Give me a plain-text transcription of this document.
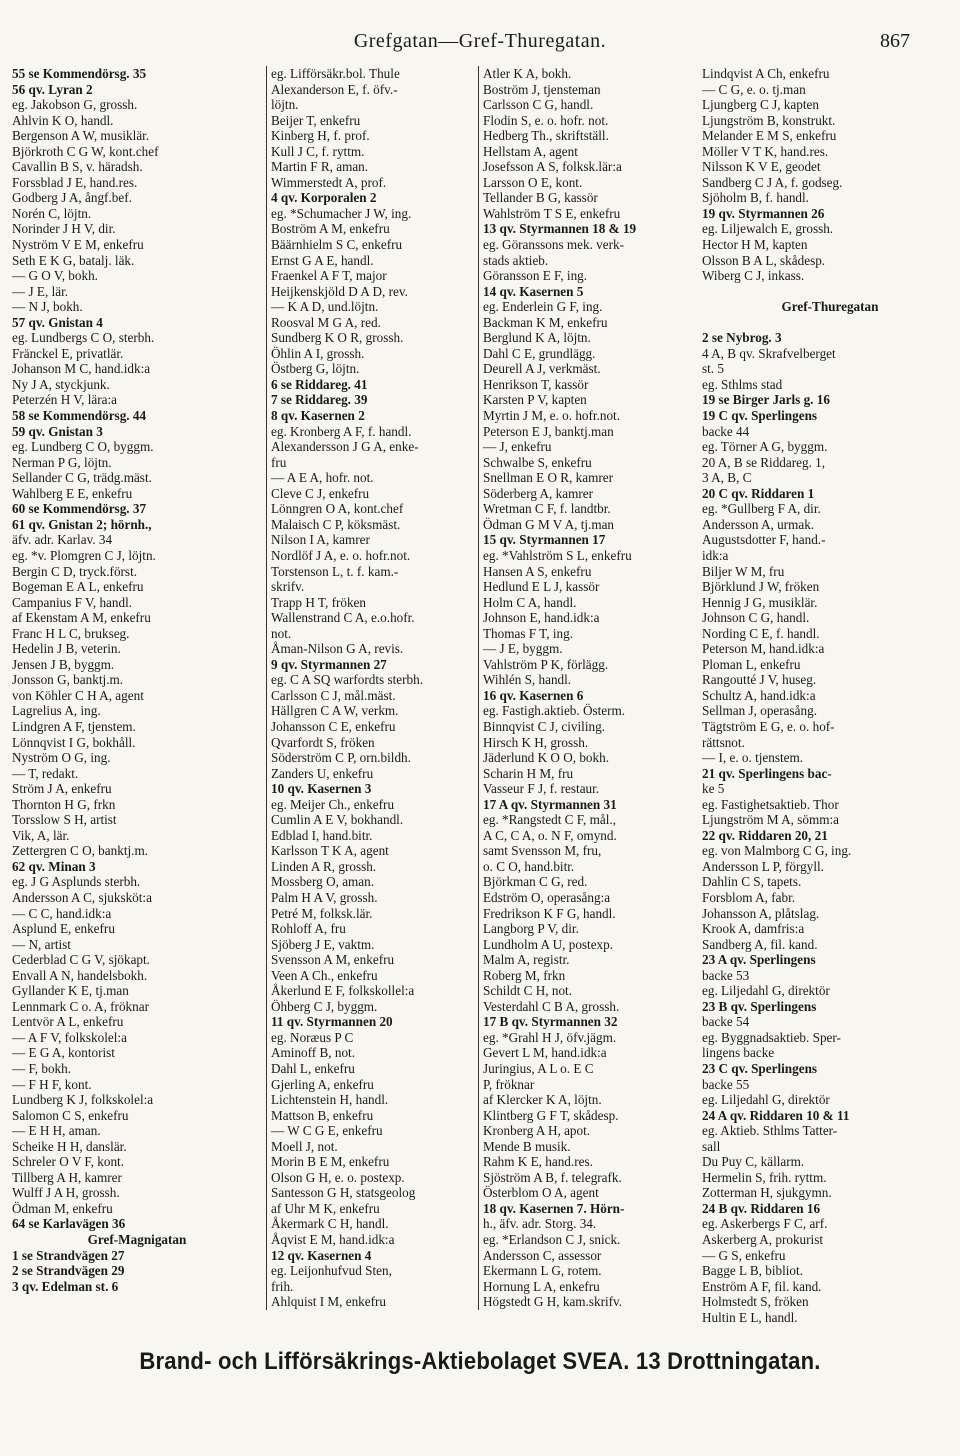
Grefgatan—Gref-Thuregatan.	867
55 se Kommendörsg. 35
56 qv. Lyran 2
eg. Jakobson G, grossh.
Ahlvin K O, handl.
Bergenson A W, musiklär.
Björkroth C G W, kont.chef
Cavallin B S, v. häradsh.
Forssblad J E, hand.res.
Godberg J A, ångf.bef.
Norén C, löjtn.
Norinder J H V, dir.
Nyström V E M, enkefru
Seth E K G, batalj. läk.
— G O V, bokh.
— J E, lär.
— N J, bokh.
57 qv. Gnistan 4
eg. Lundbergs C O, sterbh.
Fränckel E, privatlär.
Johanson M C, hand.idk:a
Ny J A, styckjunk.
Peterzén H V, lära:a
58 se Kommendörsg. 44
59 qv. Gnistan 3
eg. Lundberg C O, byggm.
Nerman P G, löjtn.
Sellander C G, trädg.mäst.
Wahlberg E E, enkefru
60 se Kommendörsg. 37
61 qv. Gnistan 2; hörnh.,
äfv. adr. Karlav. 34
eg. *v. Plomgren C J, löjtn.
Bergin C D, tryck.först.
Bogeman E A L, enkefru
Campanius F V, handl.
af Ekenstam A M, enkefru
Franc H L C, brukseg.
Hedelin J B, veterin.
Jensen J B, byggm.
Jonsson G, banktj.m.
von Köhler C H A, agent
Lagrelius A, ing.
Lindgren A F, tjenstem.
Lönnqvist I G, bokhåll.
Nyström O G, ing.
— T, redakt.
Ström J A, enkefru
Thornton H G, frkn
Torsslow S H, artist
Vik, A, lär.
Zettergren C O, banktj.m.
62 qv. Minan 3
eg. J G Asplunds sterbh.
Andersson A C, sjuksköt:a
— C C, hand.idk:a
Asplund E, enkefru
— N, artist
Cederblad C G V, sjökapt.
Envall A N, handelsbokh.
Gyllander K E, tj.man
Lennmark C o. A, fröknar
Lentvör A L, enkefru
— A F V, folkskolel:a
— E G A, kontorist
— F, bokh.
— F H F, kont.
Lundberg K J, folkskolel:a
Salomon C S, enkefru
— E H H, aman.
Scheike H H, danslär.
Schreler O V F, kont.
Tillberg A H, kamrer
Wulff J A H, grossh.
Ödman M, enkefru
64 se Karlavägen 36
Gref-Magnigatan
1 se Strandvägen 27
2 se Strandvägen 29
3 qv. Edelman st. 6
eg. Lifförsäkr.bol. Thule
Alexanderson E, f. öfv.-
löjtn.
Beijer T, enkefru
Kinberg H, f. prof.
Kull J C, f. ryttm.
Martin F R, aman.
Wimmerstedt A, prof.
4 qv. Korporalen 2
eg. *Schumacher J W, ing.
Boström A M, enkefru
Bäärnhielm S C, enkefru
Ernst G A E, handl.
Fraenkel A F T, major
Heijkenskjöld D A D, rev.
— K A D, und.löjtn.
Roosval M G A, red.
Sundberg K O R, grossh.
Öhlin A I, grossh.
Östberg G, löjtn.
6 se Riddareg. 41
7 se Riddareg. 39
8 qv. Kasernen 2
eg. Kronberg A F, f. handl.
Alexandersson J G A, enke-
fru
— A E A, hofr. not.
Cleve C J, enkefru
Lönngren O A, kont.chef
Malaisch C P, köksmäst.
Nilson I A, kamrer
Nordlöf J A, e. o. hofr.not.
Torstenson L, t. f. kam.-
skrifv.
Trapp H T, fröken
Wallenstrand C A, e.o.hofr.
not.
Åman-Nilson G A, revis.
9 qv. Styrmannen 27
eg. C A SQ warfordts sterbh.
Carlsson C J, mål.mäst.
Hällgren C A W, verkm.
Johansson C E, enkefru
Qvarfordt S, fröken
Söderström C P, orn.bildh.
Zanders U, enkefru
10 qv. Kasernen 3
eg. Meijer Ch., enkefru
Cumlin A E V, bokhandl.
Edblad I, hand.bitr.
Karlsson T K A, agent
Linden A R, grossh.
Mossberg O, aman.
Palm H A V, grossh.
Petré M, folksk.lär.
Rohloff A, fru
Sjöberg J E, vaktm.
Svensson A M, enkefru
Veen A Ch., enkefru
Åkerlund E F, folkskollel:a
Öhberg C J, byggm.
11 qv. Styrmannen 20
eg. Noræus P C
Aminoff B, not.
Dahl L, enkefru
Gjerling A, enkefru
Lichtenstein H, handl.
Mattson B, enkefru
— W C G E, enkefru
Moell J, not.
Morin B E M, enkefru
Olson G H, e. o. postexp.
Santesson G H, statsgeolog
af Uhr M K, enkefru
Åkermark C H, handl.
Åqvist E M, hand.idk:a
12 qv. Kasernen 4
eg. Leijonhufvud Sten,
frih.
Ahlquist I M, enkefru
Atler K A, bokh.
Boström J, tjensteman
Carlsson C G, handl.
Flodin S, e. o. hofr. not.
Hedberg Th., skriftställ.
Hellstam A, agent
Josefsson A S, folksk.lär:a
Larsson O E, kont.
Tellander B G, kassör
Wahlström T S E, enkefru
13 qv. Styrmannen 18 & 19
eg. Göranssons mek. verk-
stads aktieb.
Göransson E F, ing.
14 qv. Kasernen 5
eg. Enderlein G F, ing.
Backman K M, enkefru
Berglund K A, löjtn.
Dahl C E, grundlägg.
Deurell A J, verkmäst.
Henrikson T, kassör
Karsten P V, kapten
Myrtin J M, e. o. hofr.not.
Peterson E J, banktj.man
— J, enkefru
Schwalbe S, enkefru
Snellman E O R, kamrer
Söderberg A, kamrer
Wretman C F, f. landtbr.
Ödman G M V A, tj.man
15 qv. Styrmannen 17
eg. *Vahlström S L, enkefru
Hansen A S, enkefru
Hedlund E L J, kassör
Holm C A, handl.
Johnson E, hand.idk:a
Thomas F T, ing.
— J E, byggm.
Vahlström P K, förlägg.
Wihlén S, handl.
16 qv. Kasernen 6
eg. Fastigh.aktieb. Österm.
Binnqvist C J, civiling.
Hirsch K H, grossh.
Jäderlund K O O, bokh.
Scharin H M, fru
Vasseur F J, f. restaur.
17 A qv. Styrmannen 31
eg. *Rangstedt C F, mål.,
A C, C A, o. N F, omynd.
samt Svensson M, fru,
o. C O, hand.bitr.
Björkman C G, red.
Edström O, operasång:a
Fredrikson K F G, handl.
Langborg P V, dir.
Lundholm A U, postexp.
Malm A, registr.
Roberg M, frkn
Schildt C H, not.
Vesterdahl C B A, grossh.
17 B qv. Styrmannen 32
eg. *Grahl H J, öfv.jägm.
Gevert L M, hand.idk:a
Juringius, A L o. E C
P, fröknar
af Klercker K A, löjtn.
Klintberg G F T, skådesp.
Kronberg A H, apot.
Mende B musik.
Rahm K E, hand.res.
Sjöström A B, f. telegrafk.
Österblom O A, agent
18 qv. Kasernen 7. Hörn-
h., äfv. adr. Storg. 34.
eg. *Erlandson C J, snick.
Andersson C, assessor
Ekermann L G, rotem.
Hornung L A, enkefru
Högstedt G H, kam.skrifv.
Lindqvist A Ch, enkefru
— C G, e. o. tj.man
Ljungberg C J, kapten
Ljungström B, konstrukt.
Melander E M S, enkefru
Möller V T K, hand.res.
Nilsson K V E, geodet
Sandberg C J A, f. godseg.
Sjöholm B, f. handl.
19 qv. Styrmannen 26
eg. Liljewalch E, grossh.
Hector H M, kapten
Olsson B A L, skådesp.
Wiberg C J, inkass.
Gref-Thuregatan
2 se Nybrog. 3
4 A, B qv. Skrafvelberget
st. 5
eg. Sthlms stad
19 se Birger Jarls g. 16
19 C qv. Sperlingens
backe 44
eg. Törner A G, byggm.
20 A, B se Riddareg. 1,
3 A, B, C
20 C qv. Riddaren 1
eg. *Gullberg F A, dir.
Andersson A, urmak.
Augustsdotter F, hand.-
idk:a
Biljer W M, fru
Björklund J W, fröken
Hennig J G, musiklär.
Johnson C G, handl.
Nording C E, f. handl.
Peterson M, hand.idk:a
Ploman L, enkefru
Rangoutté J V, huseg.
Schultz A, hand.idk:a
Sellman J, operasång.
Tägtström E G, e. o. hof-
rättsnot.
— I, e. o. tjenstem.
21 qv. Sperlingens bac-
ke 5
eg. Fastighetsaktieb. Thor
Ljungström M A, sömm:a
22 qv. Riddaren 20, 21
eg. von Malmborg C G, ing.
Andersson L P, förgyll.
Dahlin C S, tapets.
Forsblom A, fabr.
Johansson A, plåtslag.
Krook A, damfris:a
Sandberg A, fil. kand.
23 A qv. Sperlingens
backe 53
eg. Liljedahl G, direktör
23 B qv. Sperlingens
backe 54
eg. Byggnadsaktieb. Sper-
lingens backe
23 C qv. Sperlingens
backe 55
eg. Liljedahl G, direktör
24 A qv. Riddaren 10 & 11
eg. Aktieb. Sthlms Tatter-
sall
Du Puy C, källarm.
Hermelin S, frih. ryttm.
Zotterman H, sjukgymn.
24 B qv. Riddaren 16
eg. Askerbergs F C, arf.
Askerberg A, prokurist
— G S, enkefru
Bagge L B, bibliot.
Enström A F, fil. kand.
Holmstedt S, fröken
Hultin E L, handl.
Brand- och Lifförsäkrings-Aktiebolaget SVEA. 13 Drottningatan.
